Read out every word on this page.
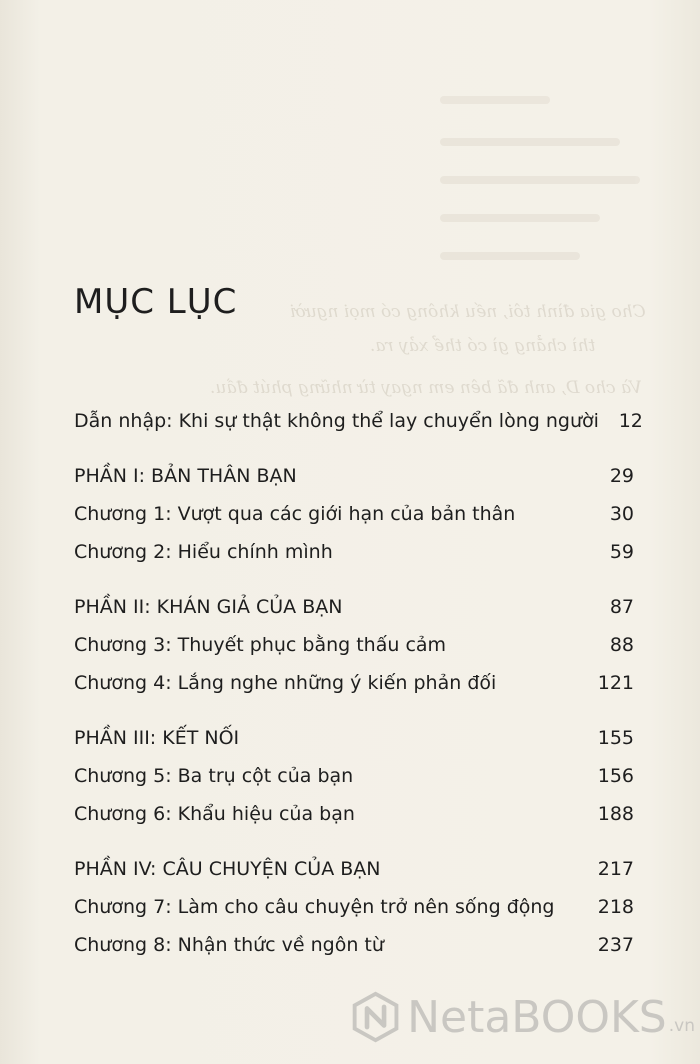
Cho gia đình tôi, nếu không có mọi người
thì chẳng gì có thể xảy ra.
Và cho D, anh đã bên em ngay từ những phút đầu.
MỤC LỤC
Dẫn nhập: Khi sự thật không thể lay chuyển lòng người	12
PHẦN I: BẢN THÂN BẠN	29
Chương 1: Vượt qua các giới hạn của bản thân	30
Chương 2: Hiểu chính mình	59
PHẦN II: KHÁN GIẢ CỦA BẠN	87
Chương 3: Thuyết phục bằng thấu cảm	88
Chương 4: Lắng nghe những ý kiến phản đối	121
PHẦN III: KẾT NỐI	155
Chương 5: Ba trụ cột của bạn	156
Chương 6: Khẩu hiệu của bạn	188
PHẦN IV: CÂU CHUYỆN CỦA BẠN	217
Chương 7: Làm cho câu chuyện trở nên sống động	218
Chương 8: Nhận thức về ngôn từ	237
NetaBOOKS .vn
